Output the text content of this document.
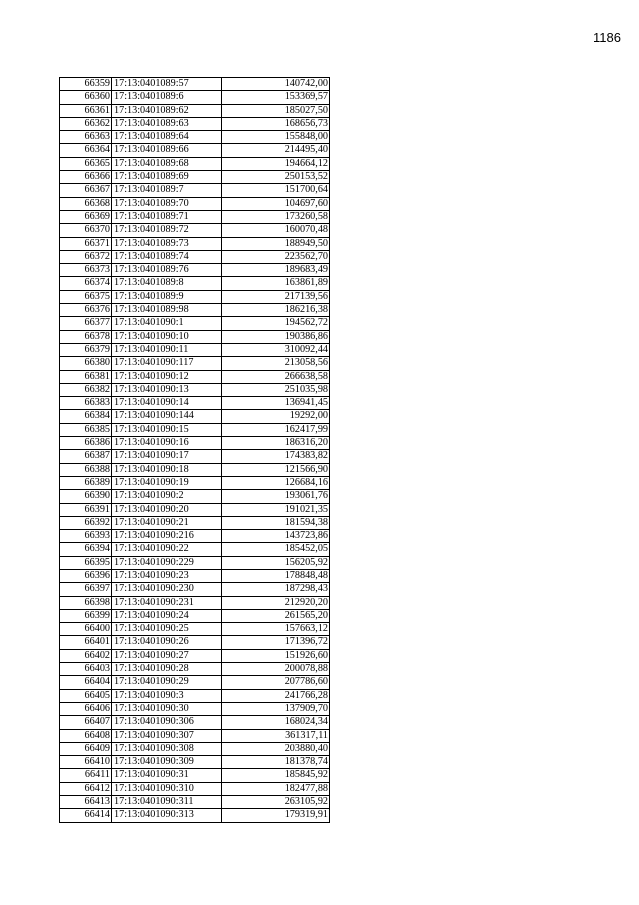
1186
66359	17:13:0401089:57	140742,00
66360	17:13:0401089:6	153369,57
66361	17:13:0401089:62	185027,50
66362	17:13:0401089:63	168656,73
66363	17:13:0401089:64	155848,00
66364	17:13:0401089:66	214495,40
66365	17:13:0401089:68	194664,12
66366	17:13:0401089:69	250153,52
66367	17:13:0401089:7	151700,64
66368	17:13:0401089:70	104697,60
66369	17:13:0401089:71	173260,58
66370	17:13:0401089:72	160070,48
66371	17:13:0401089:73	188949,50
66372	17:13:0401089:74	223562,70
66373	17:13:0401089:76	189683,49
66374	17:13:0401089:8	163861,89
66375	17:13:0401089:9	217139,56
66376	17:13:0401089:98	186216,38
66377	17:13:0401090:1	194562,72
66378	17:13:0401090:10	190386,86
66379	17:13:0401090:11	310092,44
66380	17:13:0401090:117	213058,56
66381	17:13:0401090:12	266638,58
66382	17:13:0401090:13	251035,98
66383	17:13:0401090:14	136941,45
66384	17:13:0401090:144	19292,00
66385	17:13:0401090:15	162417,99
66386	17:13:0401090:16	186316,20
66387	17:13:0401090:17	174383,82
66388	17:13:0401090:18	121566,90
66389	17:13:0401090:19	126684,16
66390	17:13:0401090:2	193061,76
66391	17:13:0401090:20	191021,35
66392	17:13:0401090:21	181594,38
66393	17:13:0401090:216	143723,86
66394	17:13:0401090:22	185452,05
66395	17:13:0401090:229	156205,92
66396	17:13:0401090:23	178848,48
66397	17:13:0401090:230	187298,43
66398	17:13:0401090:231	212920,20
66399	17:13:0401090:24	261565,20
66400	17:13:0401090:25	157663,12
66401	17:13:0401090:26	171396,72
66402	17:13:0401090:27	151926,60
66403	17:13:0401090:28	200078,88
66404	17:13:0401090:29	207786,60
66405	17:13:0401090:3	241766,28
66406	17:13:0401090:30	137909,70
66407	17:13:0401090:306	168024,34
66408	17:13:0401090:307	361317,11
66409	17:13:0401090:308	203880,40
66410	17:13:0401090:309	181378,74
66411	17:13:0401090:31	185845,92
66412	17:13:0401090:310	182477,88
66413	17:13:0401090:311	263105,92
66414	17:13:0401090:313	179319,91
